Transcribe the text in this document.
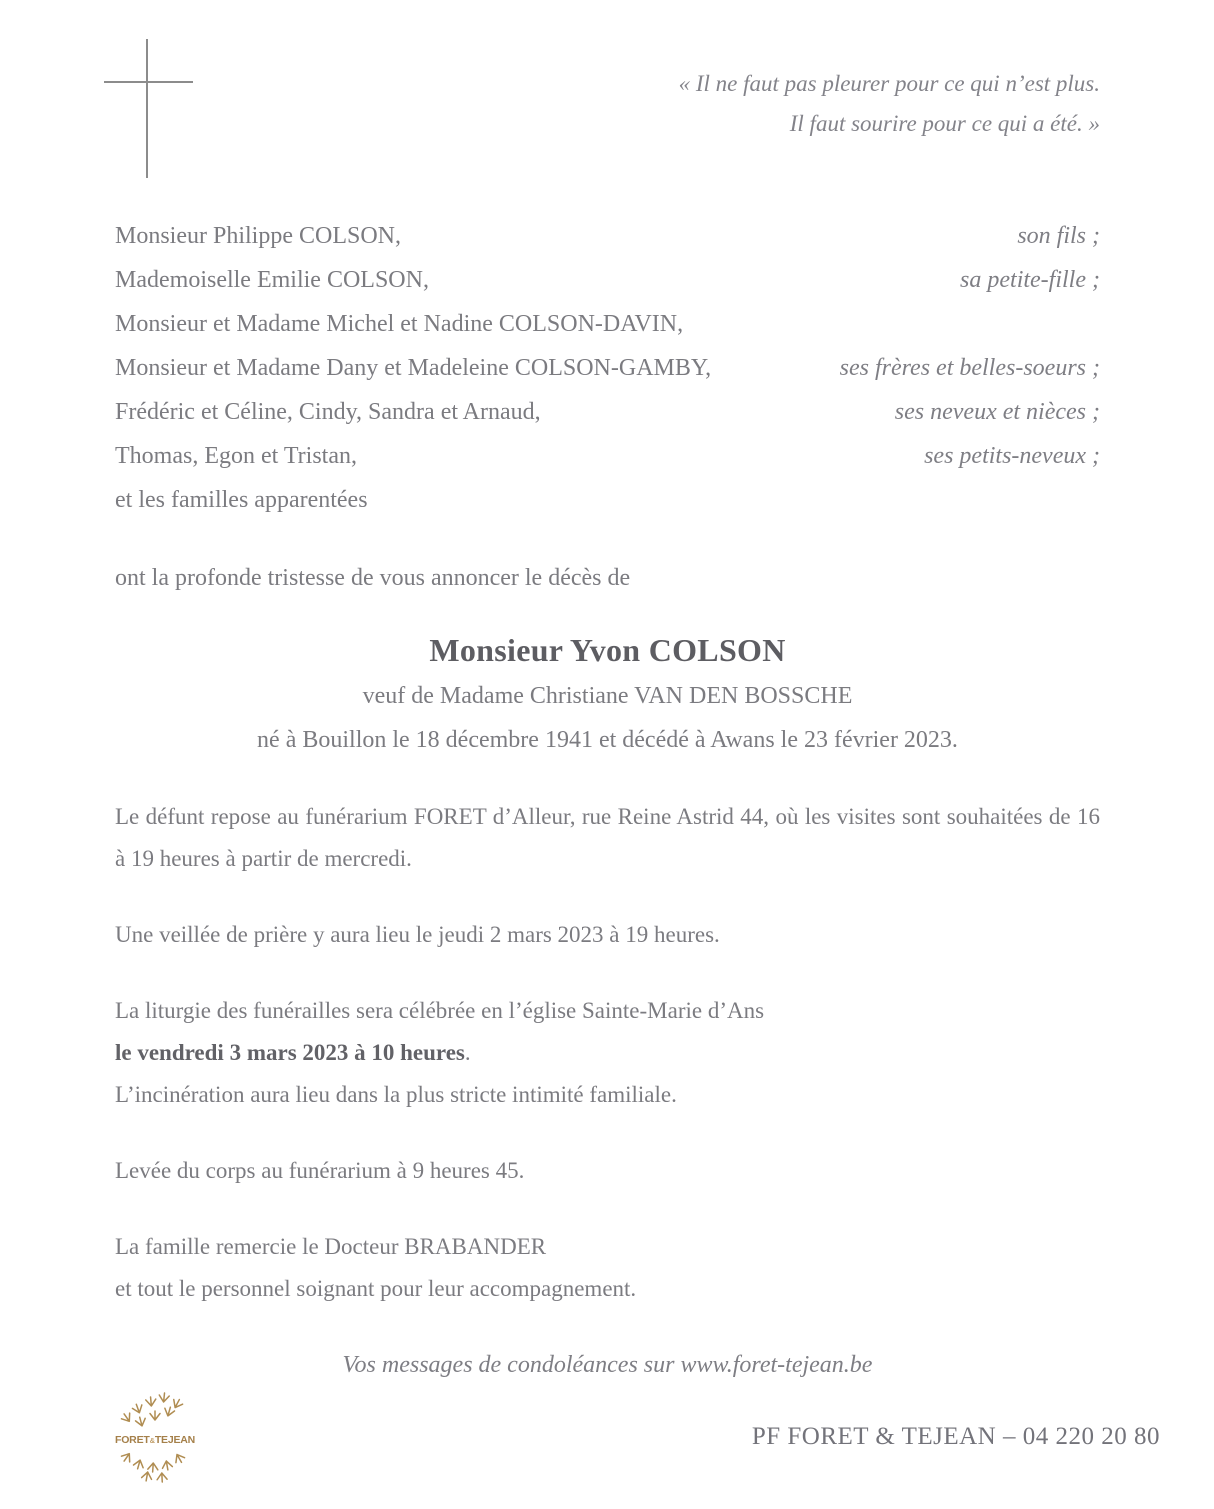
« Il ne faut pas pleurer pour ce qui n’est plus.
Il faut sourire pour ce qui a été. »
Monsieur Philippe COLSON,	son fils ;
Mademoiselle Emilie COLSON,	sa petite-fille ;
Monsieur et Madame Michel et Nadine COLSON-DAVIN,
Monsieur et Madame Dany et Madeleine COLSON-GAMBY,	ses frères et belles-soeurs ;
Frédéric et Céline, Cindy, Sandra et Arnaud,	ses neveux et nièces ;
Thomas, Egon et Tristan,	ses petits-neveux ;
et les familles apparentées
ont la profonde tristesse de vous annoncer le décès de
Monsieur Yvon COLSON
veuf de Madame Christiane VAN DEN BOSSCHE
né à Bouillon le 18 décembre 1941 et décédé à Awans le 23 février 2023.
Le défunt repose au funérarium FORET d’Alleur, rue Reine Astrid 44, où les visites sont souhaitées de 16 à 19 heures à partir de mercredi.
Une veillée de prière y aura lieu le jeudi 2 mars 2023 à 19 heures.
La liturgie des funérailles sera célébrée en l’église Sainte-Marie d’Ans
le vendredi 3 mars 2023 à 10 heures.
L’incinération aura lieu dans la plus stricte intimité familiale.
Levée du corps au funérarium à 9 heures 45.
La famille remercie le Docteur BRABANDER
et tout le personnel soignant pour leur accompagnement.
Vos messages de condoléances sur www.foret-tejean.be
FORET&TEJEAN	PF FORET & TEJEAN – 04 220 20 80
